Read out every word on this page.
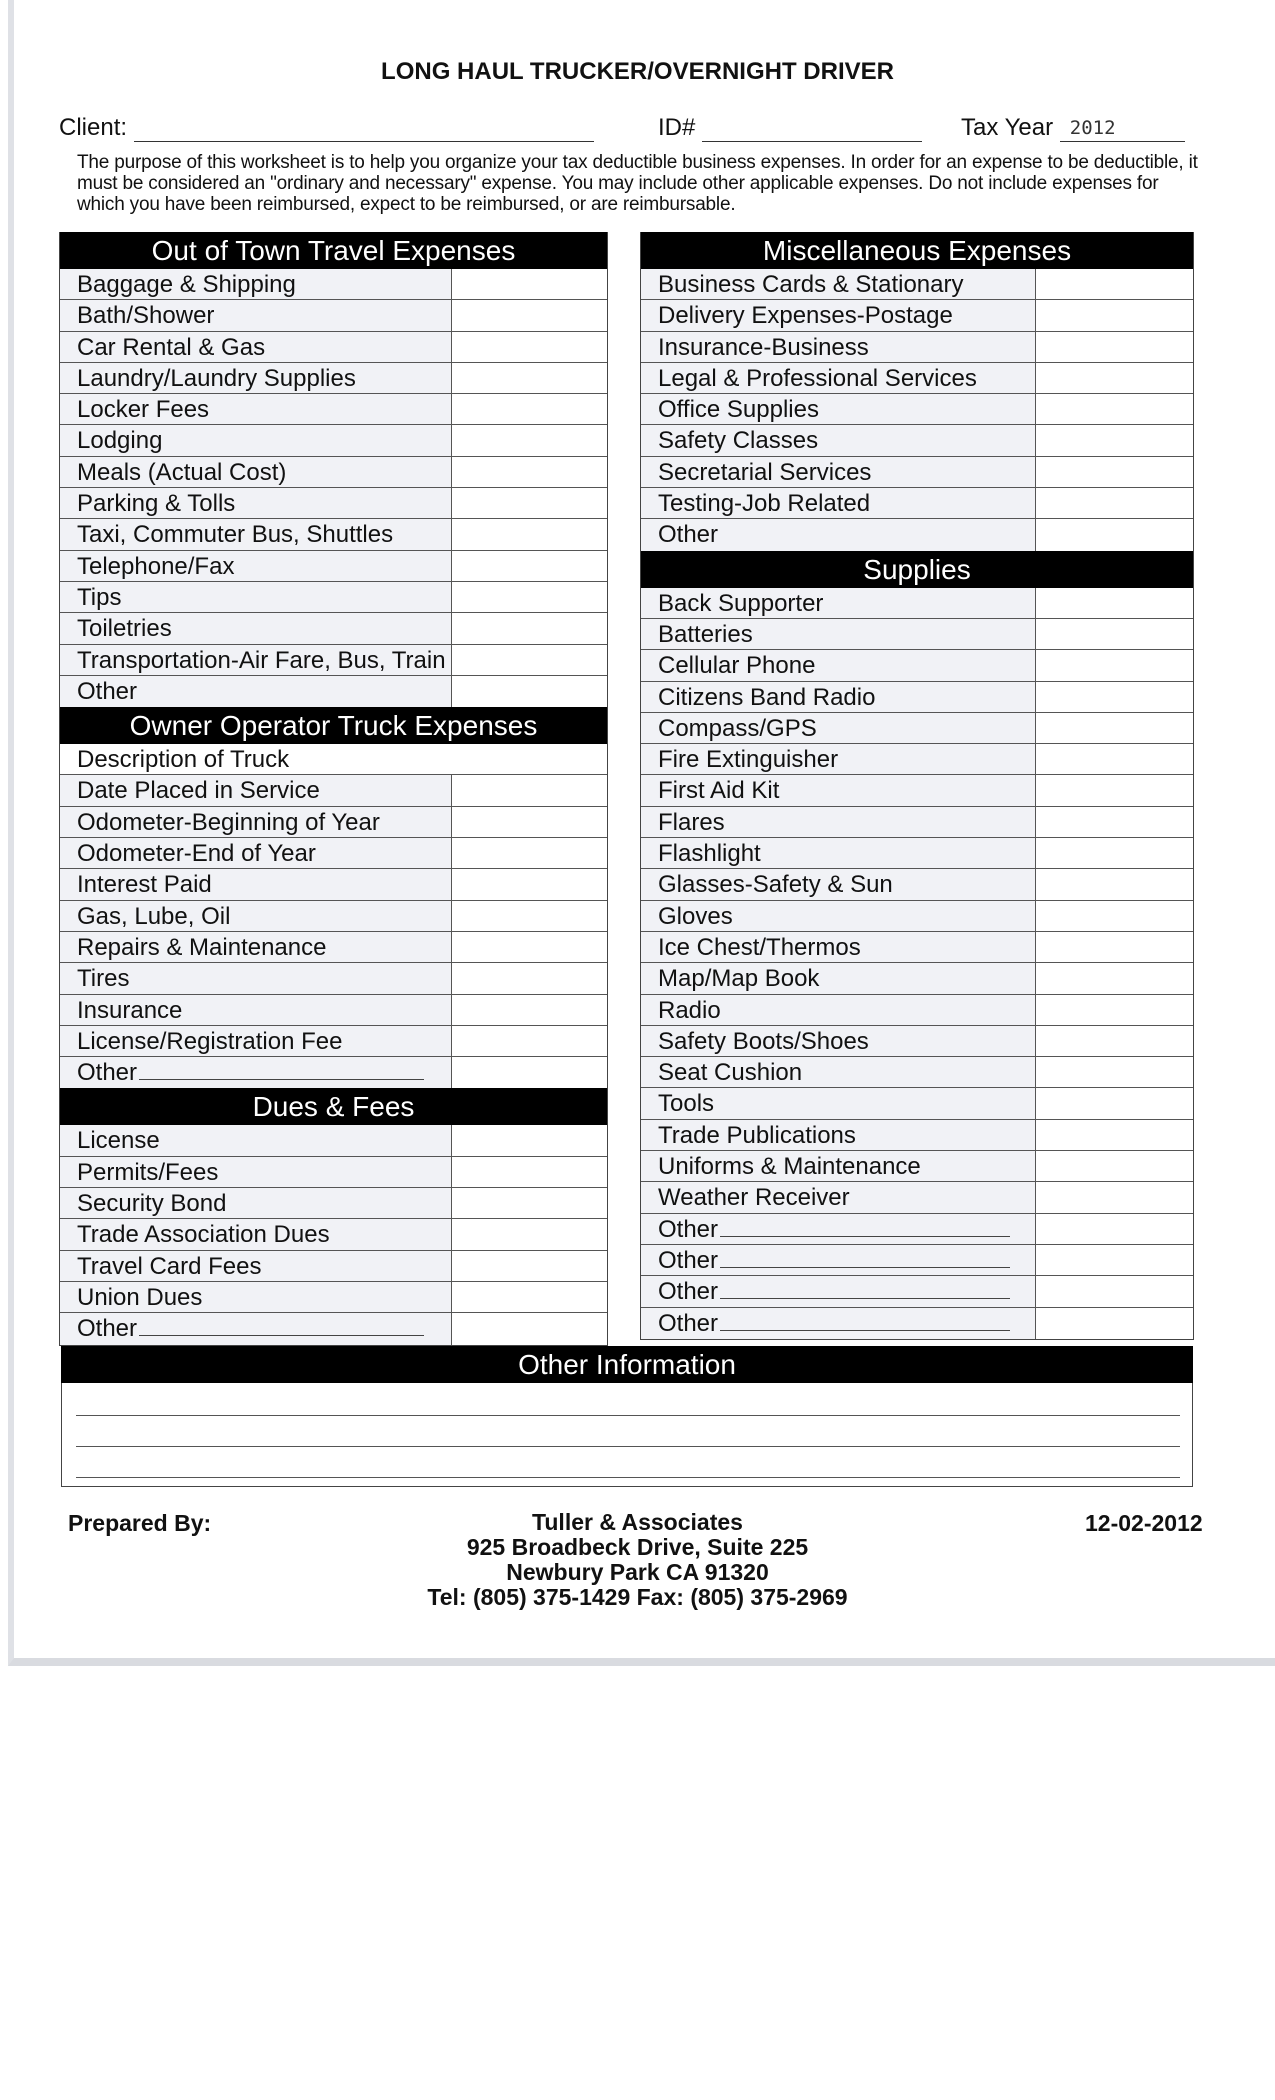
LONG HAUL TRUCKER/OVERNIGHT DRIVER
Client:	ID#	Tax Year 2012
The purpose of this worksheet is to help you organize your tax deductible business expenses. In order for an expense to be deductible, it must be considered an "ordinary and necessary" expense. You may include other applicable expenses. Do not include expenses for which you have been reimbursed, expect to be reimbursed, or are reimbursable.
Out of Town Travel Expenses
Baggage & Shipping
Bath/Shower
Car Rental & Gas
Laundry/Laundry Supplies
Locker Fees
Lodging
Meals (Actual Cost)
Parking & Tolls
Taxi, Commuter Bus, Shuttles
Telephone/Fax
Tips
Toiletries
Transportation-Air Fare, Bus, Train
Other
Owner Operator Truck Expenses
Description of Truck
Date Placed in Service
Odometer-Beginning of Year
Odometer-End of Year
Interest Paid
Gas, Lube, Oil
Repairs & Maintenance
Tires
Insurance
License/Registration Fee
Other
Dues & Fees
License
Permits/Fees
Security Bond
Trade Association Dues
Travel Card Fees
Union Dues
Other
Miscellaneous Expenses
Business Cards & Stationary
Delivery Expenses-Postage
Insurance-Business
Legal & Professional Services
Office Supplies
Safety Classes
Secretarial Services
Testing-Job Related
Other
Supplies
Back Supporter
Batteries
Cellular Phone
Citizens Band Radio
Compass/GPS
Fire Extinguisher
First Aid Kit
Flares
Flashlight
Glasses-Safety & Sun
Gloves
Ice Chest/Thermos
Map/Map Book
Radio
Safety Boots/Shoes
Seat Cushion
Tools
Trade Publications
Uniforms & Maintenance
Weather Receiver
Other
Other
Other
Other
Other Information
Prepared By:	12-02-2012
Tuller & Associates
925 Broadbeck Drive, Suite 225
Newbury Park CA 91320
Tel: (805) 375-1429 Fax: (805) 375-2969
